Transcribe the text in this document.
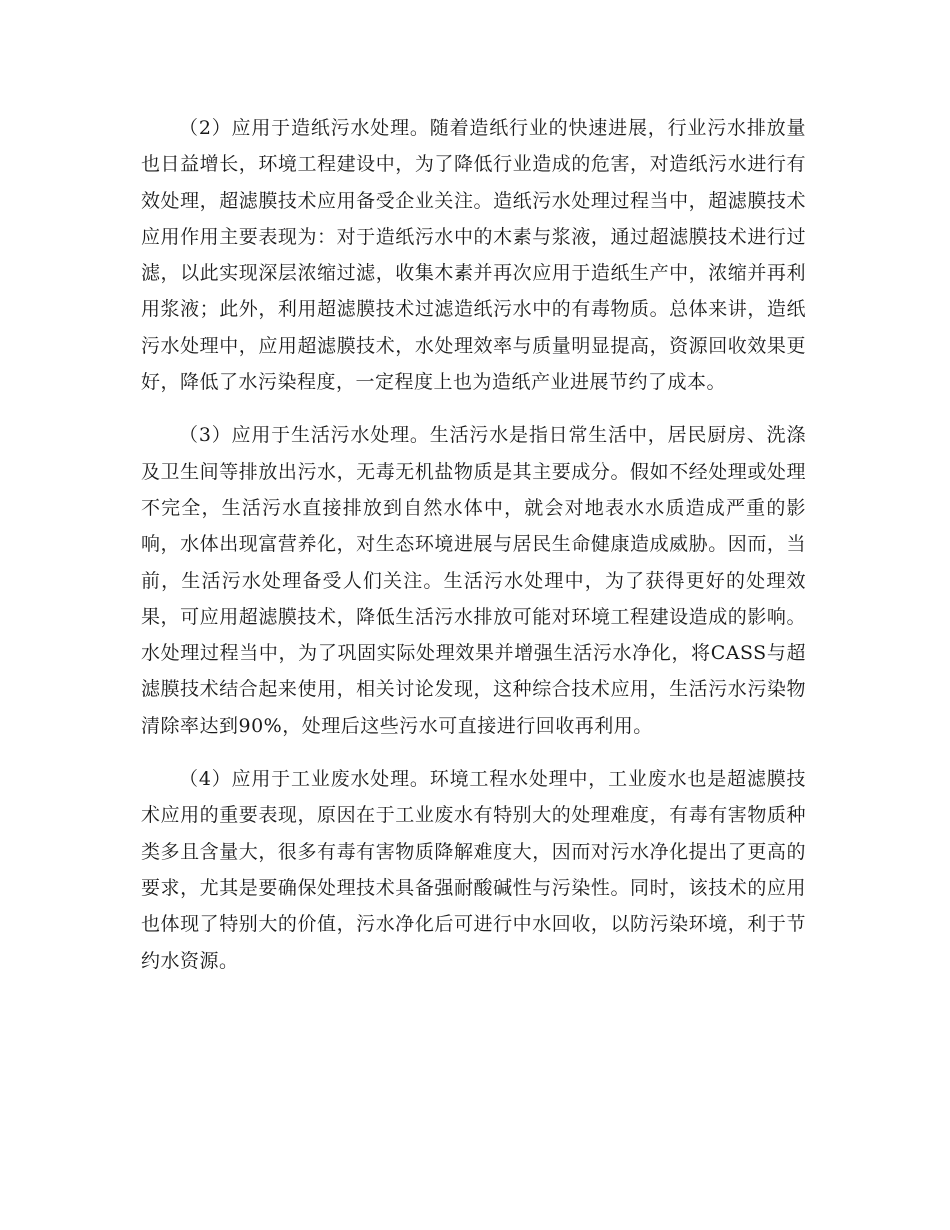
（2）应用于造纸污水处理。随着造纸行业的快速进展，行业污水排放量也日益增长，环境工程建设中，为了降低行业造成的危害，对造纸污水进行有效处理，超滤膜技术应用备受企业关注。造纸污水处理过程当中，超滤膜技术应用作用主要表现为：对于造纸污水中的木素与浆液，通过超滤膜技术进行过滤，以此实现深层浓缩过滤，收集木素并再次应用于造纸生产中，浓缩并再利用浆液；此外，利用超滤膜技术过滤造纸污水中的有毒物质。总体来讲，造纸污水处理中，应用超滤膜技术，水处理效率与质量明显提高，资源回收效果更好，降低了水污染程度，一定程度上也为造纸产业进展节约了成本。

（3）应用于生活污水处理。生活污水是指日常生活中，居民厨房、洗涤及卫生间等排放出污水，无毒无机盐物质是其主要成分。假如不经处理或处理不完全，生活污水直接排放到自然水体中，就会对地表水水质造成严重的影响，水体出现富营养化，对生态环境进展与居民生命健康造成威胁。因而，当前，生活污水处理备受人们关注。生活污水处理中，为了获得更好的处理效果，可应用超滤膜技术，降低生活污水排放可能对环境工程建设造成的影响。水处理过程当中，为了巩固实际处理效果并增强生活污水净化，将CASS与超滤膜技术结合起来使用，相关讨论发现，这种综合技术应用，生活污水污染物清除率达到90%，处理后这些污水可直接进行回收再利用。

（4）应用于工业废水处理。环境工程水处理中，工业废水也是超滤膜技术应用的重要表现，原因在于工业废水有特别大的处理难度，有毒有害物质种类多且含量大，很多有毒有害物质降解难度大，因而对污水净化提出了更高的要求，尤其是要确保处理技术具备强耐酸碱性与污染性。同时，该技术的应用也体现了特别大的价值，污水净化后可进行中水回收，以防污染环境，利于节约水资源。
